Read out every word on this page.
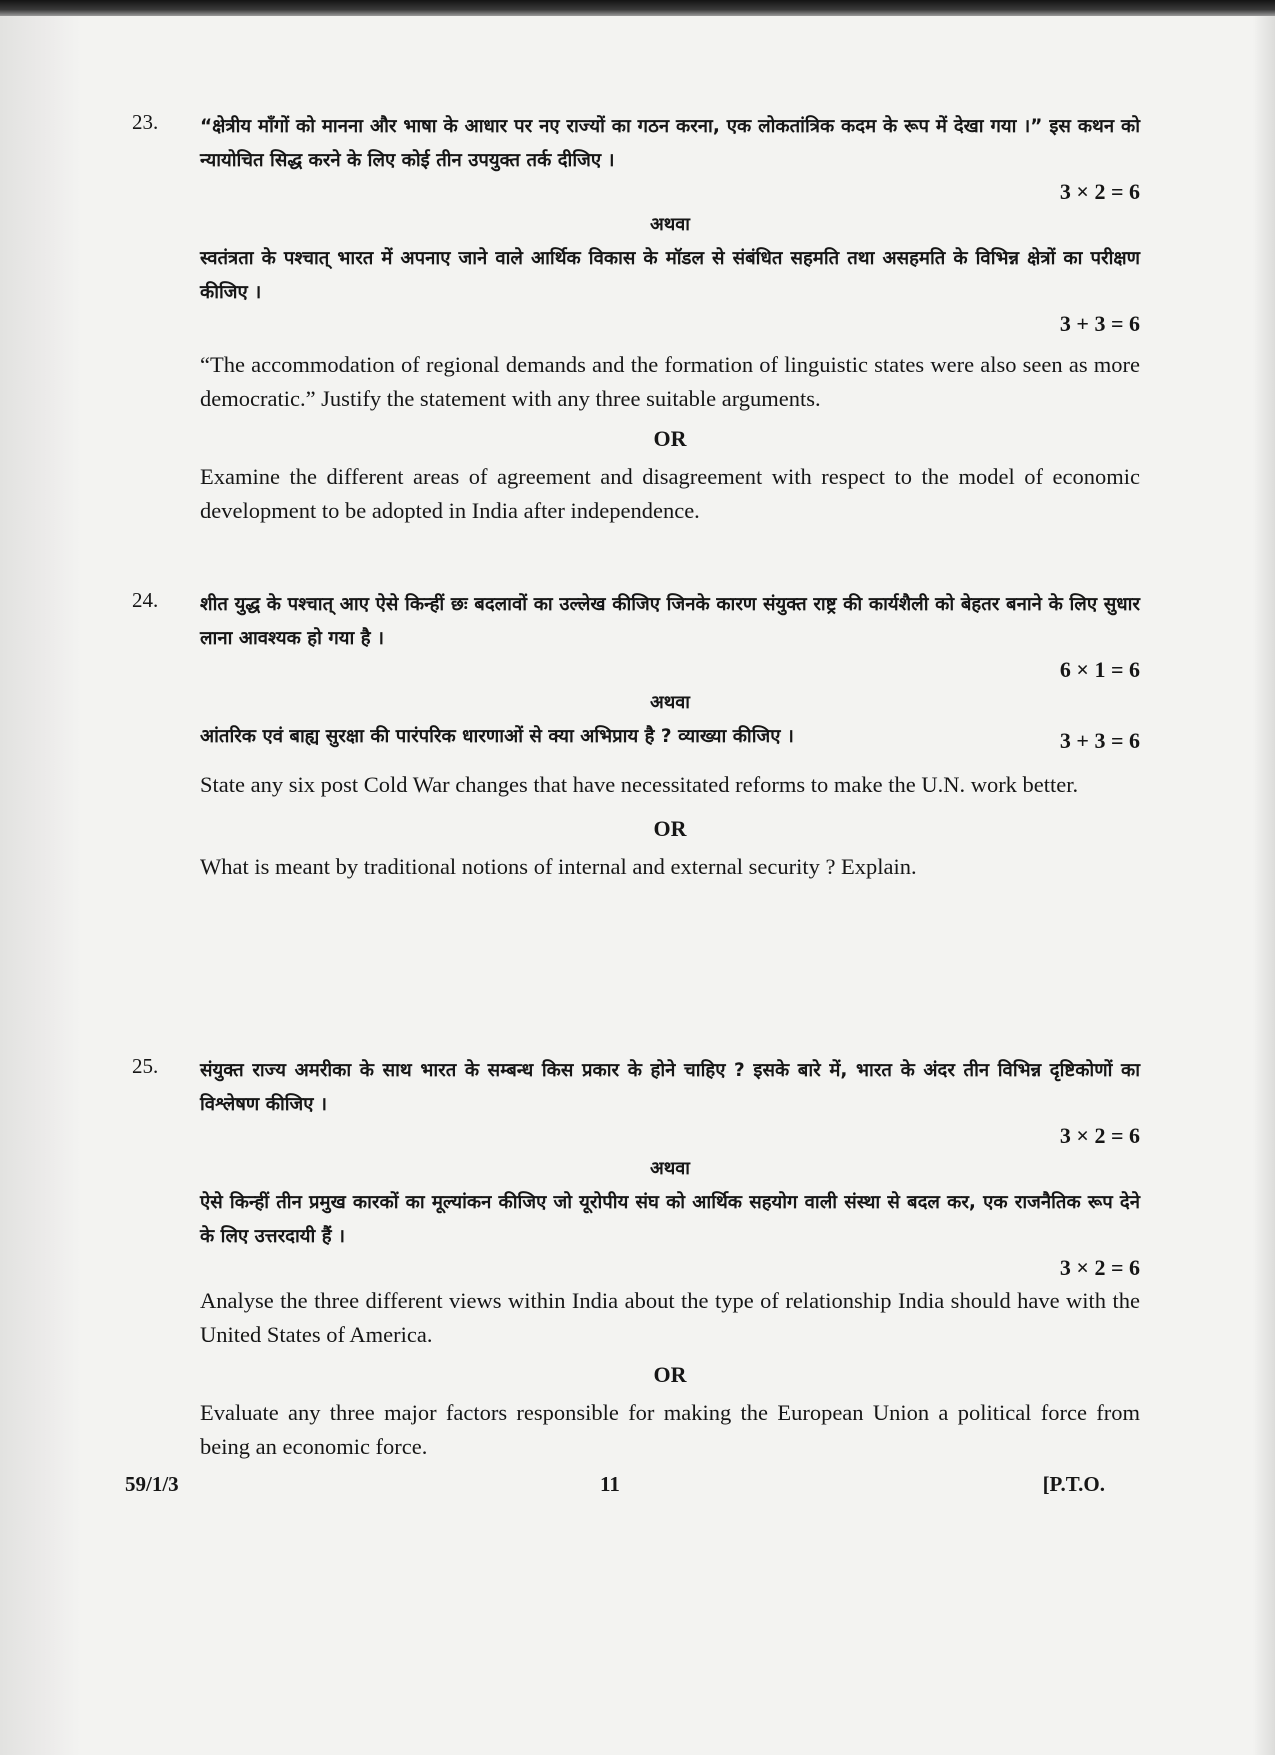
23.	“क्षेत्रीय माँगों को मानना और भाषा के आधार पर नए राज्यों का गठन करना, एक लोकतांत्रिक कदम के रूप में देखा गया ।” इस कथन को न्यायोचित सिद्ध करने के लिए कोई तीन उपयुक्त तर्क दीजिए ।
3 × 2 = 6
अथवा
स्वतंत्रता के पश्चात् भारत में अपनाए जाने वाले आर्थिक विकास के मॉडल से संबंधित सहमति तथा असहमति के विभिन्न क्षेत्रों का परीक्षण कीजिए ।
3 + 3 = 6
“The accommodation of regional demands and the formation of linguistic states were also seen as more democratic.” Justify the statement with any three suitable arguments.
OR
Examine the different areas of agreement and disagreement with respect to the model of economic development to be adopted in India after independence.
24.	शीत युद्ध के पश्चात् आए ऐसे किन्हीं छः बदलावों का उल्लेख कीजिए जिनके कारण संयुक्त राष्ट्र की कार्यशैली को बेहतर बनाने के लिए सुधार लाना आवश्यक हो गया है ।
6 × 1 = 6
अथवा
आंतरिक एवं बाह्य सुरक्षा की पारंपरिक धारणाओं से क्या अभिप्राय है ? व्याख्या कीजिए ।	3 + 3 = 6
State any six post Cold War changes that have necessitated reforms to make the U.N. work better.
OR
What is meant by traditional notions of internal and external security ? Explain.
25.	संयुक्त राज्य अमरीका के साथ भारत के सम्बन्ध किस प्रकार के होने चाहिए ? इसके बारे में, भारत के अंदर तीन विभिन्न दृष्टिकोणों का विश्लेषण कीजिए ।
3 × 2 = 6
अथवा
ऐसे किन्हीं तीन प्रमुख कारकों का मूल्यांकन कीजिए जो यूरोपीय संघ को आर्थिक सहयोग वाली संस्था से बदल कर, एक राजनैतिक रूप देने के लिए उत्तरदायी हैं ।
3 × 2 = 6
Analyse the three different views within India about the type of relationship India should have with the United States of America.
OR
Evaluate any three major factors responsible for making the European Union a political force from being an economic force.
59/1/3	11	[P.T.O.
